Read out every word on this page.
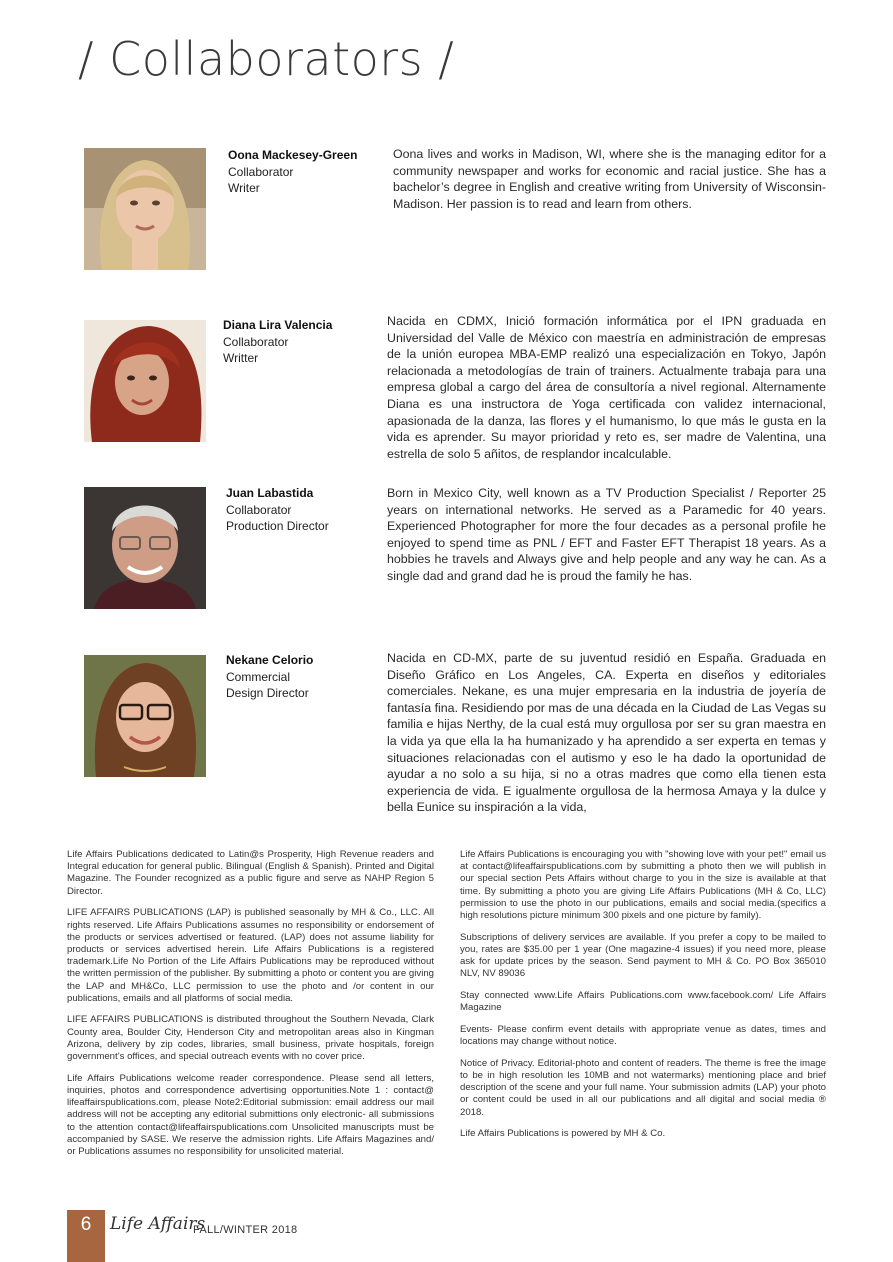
/ Collaborators /
Oona Mackesey-Green
Collaborator
Writer
Oona lives and works in Madison, WI, where she is the managing editor for a community newspaper and works for economic and racial justice. She has a bachelor’s degree in English and creative writing from University of Wisconsin-Madison. Her passion is to read and learn from others.
Diana Lira Valencia
Collaborator
Writter
Nacida en CDMX, Inició formación informática por el IPN graduada en Universidad del Valle de México con maestría en administración de empresas de la unión europea MBA-EMP realizó una especialización en Tokyo, Japón relacionada a metodologías de train of trainers. Actualmente trabaja para una empresa global a cargo del área de consultoría a nivel regional. Alternamente Diana es una instructora de Yoga certificada con validez internacional, apasionada de la danza, las flores y el humanismo, lo que más le gusta en la vida es aprender. Su mayor prioridad y reto es, ser madre de Valentina, una estrella de solo 5 añitos, de resplandor incalculable.
Juan Labastida
Collaborator
Production Director
Born in Mexico City, well known as a TV Production Specialist / Reporter 25 years on international networks. He served as a Paramedic for 40 years. Experienced Photographer for more the four decades as a personal profile he enjoyed to spend time as PNL / EFT and Faster EFT Therapist 18 years. As a hobbies he travels and Always give and help people and any way he can. As a single dad and grand dad he is proud the family he has.
Nekane Celorio
Commercial
Design Director
Nacida en CD-MX, parte de su juventud residió en España. Graduada en Diseño Gráfico en Los Angeles, CA. Experta en diseños y editoriales comerciales. Nekane, es una mujer empresaria en la industria de joyería de fantasía fina. Residiendo por mas de una década en la Ciudad de Las Vegas su familia e hijas Nerthy, de la cual está muy orgullosa por ser su gran maestra en la vida ya que ella la ha humanizado y ha aprendido a ser experta en temas y situaciones relacionadas con el autismo y eso le ha dado la oportunidad de ayudar a no solo a su hija, si no a otras madres que como ella tienen esta experiencia de vida. E igualmente orgullosa de la hermosa Amaya y la dulce y bella Eunice su inspiración a la vida,

Life Affairs Publications dedicated to Latin@s Prosperity, High Revenue readers and Integral education for general public. Bilingual (English & Spanish). Printed and Digital Magazine. The Founder recognized as a public figure and serve as NAHP Region 5 Director.

LIFE AFFAIRS PUBLICATIONS (LAP) is published seasonally by MH & Co., LLC. All rights reserved. Life Affairs Publications assumes no responsibility or endorsement of the products or services advertised or featured. (LAP) does not assume liability for products or services advertised herein. Life Affairs Publications is a registered trademark.Life No Portion of the Life Affairs Publications may be reproduced without the written permission of the publisher. By submitting a photo or content you are giving the LAP and MH&Co, LLC permission to use the photo and /or content in our publications, emails and all platforms of social media.

LIFE AFFAIRS PUBLICATIONS is distributed throughout the Southern Nevada, Clark County area, Boulder City, Henderson City and metropolitan areas also in Kingman Arizona, delivery by zip codes, libraries, small business, private hospitals, foreign government’s offices, and special outreach events with no cover price.

Life Affairs Publications welcome reader correspondence. Please send all letters, inquiries, photos and correspondence advertising opportunities.Note 1 : contact@ lifeaffairspublications.com, please Note2:Editorial submission: email address our mail address will not be accepting any editorial submittions only electronic- all submissions to the attention contact@lifeaffairspublications.com Unsolicited manuscripts must be accompanied by SASE. We reserve the admission rights. Life Affairs Magazines and/ or Publications assumes no responsibility for unsolicited material.

Life Affairs Publications is encouraging you with "showing love with your pet!" email us at contact@lifeaffairspublications.com by submitting a photo then we will publish in our special section Pets Affairs without charge to you in the size is available at that time. By submitting a photo you are giving Life Affairs Publications (MH & Co, LLC) permission to use the photo in our publications, emails and social media.(specifics a high resolutions picture minimum 300 pixels and one picture by family).

Subscriptions of delivery services are available. If you prefer a copy to be mailed to you, rates are $35.00 per 1 year (One magazine-4 issues) if you need more, please ask for update prices by the season. Send payment to MH & Co. PO Box 365010 NLV, NV 89036

Stay connected www.Life Affairs Publications.com www.facebook.com/ Life Affairs Magazine

Events- Please confirm event details with appropriate venue as dates, times and locations may change without notice.

Notice of Privacy. Editorial-photo and content of readers. The theme is free the image to be in high resolution les 10MB and not watermarks) mentioning place and brief description of the scene and your full name. Your submission admits (LAP) your photo or content could be used in all our publications and all digital and social media ® 2018.

Life Affairs Publications is powered by MH & Co.

6	Life Affairs
FALL/WINTER 2018
